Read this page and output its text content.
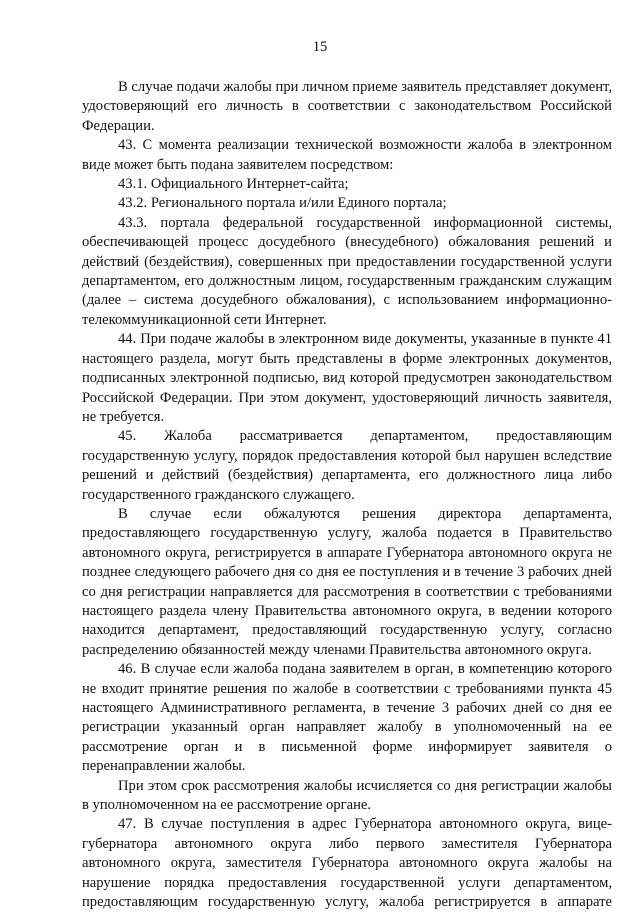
15

В случае подачи жалобы при личном приеме заявитель представляет документ, удостоверяющий его личность в соответствии с законодательством Российской Федерации.

43. С момента реализации технической возможности жалоба в электронном виде может быть подана заявителем посредством:

43.1. Официального Интернет-сайта;

43.2. Регионального портала и/или Единого портала;

43.3. портала федеральной государственной информационной системы, обеспечивающей процесс досудебного (внесудебного) обжалования решений и действий (бездействия), совершенных при предоставлении государственной услуги департаментом, его должностным лицом, государственным гражданским служащим (далее – система досудебного обжалования), с использованием информационно-телекоммуникационной сети Интернет.

44. При подаче жалобы в электронном виде документы, указанные в пункте 41 настоящего раздела, могут быть представлены в форме электронных документов, подписанных электронной подписью, вид которой предусмотрен законодательством Российской Федерации. При этом документ, удостоверяющий личность заявителя, не требуется.

45. Жалоба рассматривается департаментом, предоставляющим государственную услугу, порядок предоставления которой был нарушен вследствие решений и действий (бездействия) департамента, его должностного лица либо государственного гражданского служащего.

В случае если обжалуются решения директора департамента, предоставляющего государственную услугу, жалоба подается в Правительство автономного округа, регистрируется в аппарате Губернатора автономного округа не позднее следующего рабочего дня со дня ее поступления и в течение 3 рабочих дней со дня регистрации направляется для рассмотрения в соответствии с требованиями настоящего раздела члену Правительства автономного округа, в ведении которого находится департамент, предоставляющий государственную услугу, согласно распределению обязанностей между членами Правительства автономного округа.

46. В случае если жалоба подана заявителем в орган, в компетенцию которого не входит принятие решения по жалобе в соответствии с требованиями пункта 45 настоящего Административного регламента, в течение 3 рабочих дней со дня ее регистрации указанный орган направляет жалобу в уполномоченный на ее рассмотрение орган и в письменной форме информирует заявителя о перенаправлении жалобы.

При этом срок рассмотрения жалобы исчисляется со дня регистрации жалобы в уполномоченном на ее рассмотрение органе.

47. В случае поступления в адрес Губернатора автономного округа, вице-губернатора автономного округа либо первого заместителя Губернатора автономного округа, заместителя Губернатора автономного округа жалобы на нарушение порядка предоставления государственной услуги департаментом, предоставляющим государственную услугу, жалоба регистрируется в аппарате
